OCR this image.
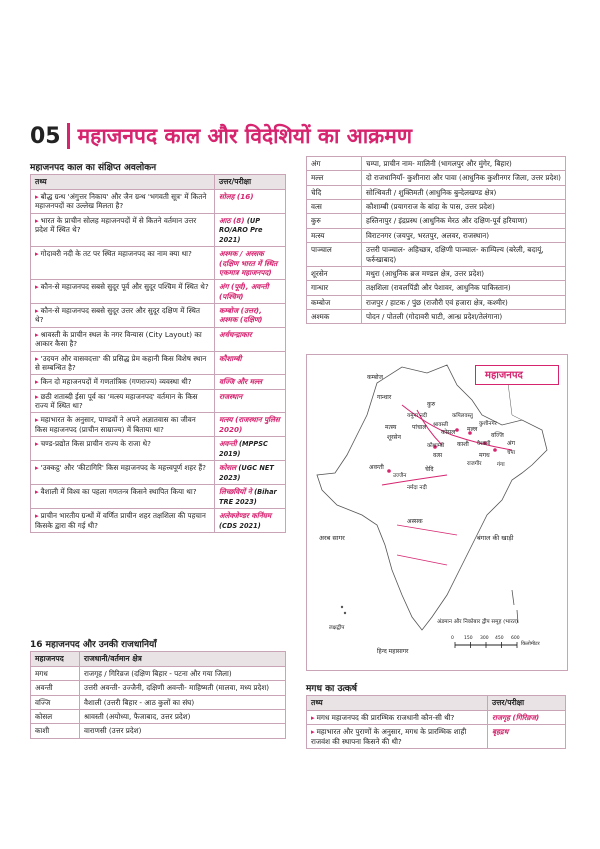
05 महाजनपद काल और विदेशियों का आक्रमण
महाजनपद काल का संक्षिप्त अवलोकन
तथ्य	उत्तर/परीक्षा
▸ बौद्ध ग्रन्थ 'अंगुत्तर निकाय' और जैन ग्रन्थ 'भगवती सूत्र' में कितने महाजनपदों का उल्लेख मिलता है?	सोलह (16)
▸ भारत के प्राचीन सोलह महाजनपदों में से कितने वर्तमान उत्तर प्रदेश में स्थित थे?	आठ (8) (UP RO/ARO Pre 2021)
▸ गोदावरी नदी के तट पर स्थित महाजनपद का नाम क्या था?	अश्मक / अस्सक (दक्षिण भारत में स्थित एकमात्र महाजनपद)
▸ कौन-से महाजनपद सबसे सुदूर पूर्व और सुदूर पश्चिम में स्थित थे?	अंग (पूर्व), अवन्ती (पश्चिम)
▸ कौन-से महाजनपद सबसे सुदूर उत्तर और सुदूर दक्षिण में स्थित थे?	कम्बोज (उत्तर), अश्मक (दक्षिण)
▸ श्रावस्ती के प्राचीन स्थल के नगर विन्यास (City Layout) का आकार कैसा है?	अर्धचन्द्राकार
▸ 'उदयन और वासवदत्ता' की प्रसिद्ध प्रेम कहानी किस विशेष स्थान से सम्बन्धित है?	कौशाम्बी
▸ किन दो महाजनपदों में गणतांत्रिक (गणराज्य) व्यवस्था थी?	वज्जि और मल्ल
▸ छठी शताब्दी ईसा पूर्व का 'मत्स्य महाजनपद' वर्तमान के किस राज्य में स्थित था?	राजस्थान
▸ महाभारत के अनुसार, पाण्डवों ने अपने अज्ञातवास का जीवन किस महाजनपद (प्राचीन साम्राज्य) में बिताया था?	मत्स्य (राजस्थान पुलिस 2020)
▸ चण्ड-प्रद्योत किस प्राचीन राज्य के राजा थे?	अवन्ती (MPPSC 2019)
▸ 'उक्कट्ठ' और 'कीटागिरि' किस महाजनपद के महत्त्वपूर्ण शहर हैं?	कोसल (UGC NET 2023)
▸ वैशाली में विश्व का पहला गणतन्त्र किसने स्थापित किया था?	लिच्छवियों ने (Bihar TRE 2023)
▸ प्राचीन भारतीय ग्रन्थों में वर्णित प्राचीन शहर तक्षशिला की पहचान किसके द्वारा की गई थी?	अलेक्जेण्डर कनिंघम (CDS 2021)
16 महाजनपद और उनकी राजधानियाँ
महाजनपद	राजधानी/वर्तमान क्षेत्र
मगध	राजगृह / गिरिव्रज (दक्षिण बिहार - पटना और गया जिला)
अवन्ती	उत्तरी अवन्ती- उज्जैनी, दक्षिणी अवन्ती- माहिष्मती (मालवा, मध्य प्रदेश)
वज्जि	वैशाली (उत्तरी बिहार - आठ कुलों का संघ)
कोसल	श्रावस्ती (अयोध्या, फैजाबाद, उत्तर प्रदेश)
काशी	वाराणसी (उत्तर प्रदेश)
अंग	चम्पा, प्राचीन नाम- मालिनी (भागलपुर और मुंगेर, बिहार)
मल्ल	दो राजधानियाँ- कुशीनारा और पावा (आधुनिक कुशीनगर जिला, उत्तर प्रदेश)
चेदि	सोत्थिवती / शुक्तिमती (आधुनिक बुन्देलखण्ड क्षेत्र)
वत्स	कौशाम्बी (प्रयागराज के बांदा के पास, उत्तर प्रदेश)
कुरु	हस्तिनापुर / इंद्रप्रस्थ (आधुनिक मेरठ और दक्षिण-पूर्व हरियाणा)
मत्स्य	विराटनगर (जयपुर, भरतपुर, अलवर, राजस्थान)
पाञ्चाल	उत्तरी पाञ्चाल- अहिच्छत्र, दक्षिणी पाञ्चाल- काम्पिल्य (बरेली, बदायूं, फर्रुखाबाद)
शूरसेन	मथुरा (आधुनिक ब्रज मण्डल क्षेत्र, उत्तर प्रदेश)
गान्धार	तक्षशिला (रावलपिंडी और पेशावर, आधुनिक पाकिस्तान)
कम्बोज	राजपुर / हाटक / पुंछ (राजौरी एवं हजारा क्षेत्र, कश्मीर)
अश्मक	पोदन / पोतली (गोदावरी घाटी, आन्ध्र प्रदेश/तेलंगाना)
महाजनपद
कम्बोज
गान्धार
कुरु
यमुना नदी
मत्स्य	पांचाल
शूरसेन
श्रावस्ती
कपिलवस्तु
कुशीनगर
कोसल मल्ल
वज्जि
वैशाली
कौशाम्बी काशी
वत्स
अंग
चंपा
मगध
राजगीर	गंगा
चेदि
अवन्ती
उज्जैन
नर्मदा नदी
अस्सक
अरब सागर	बंगाल की खाड़ी
लक्षद्वीप
अंडमान और निकोबार द्वीप समूह (भारत)
हिन्द महासागर
0 150 300 450 600
किलोमीटर
मगध का उत्कर्ष
तथ्य	उत्तर/परीक्षा
▸ मगध महाजनपद की प्रारम्भिक राजधानी कौन-सी थी?	राजगृह (गिरिव्रज)
▸ महाभारत और पुराणों के अनुसार, मगध के प्रारम्भिक शाही राजवंश की स्थापना किसने की थी?	बृहद्रथ
